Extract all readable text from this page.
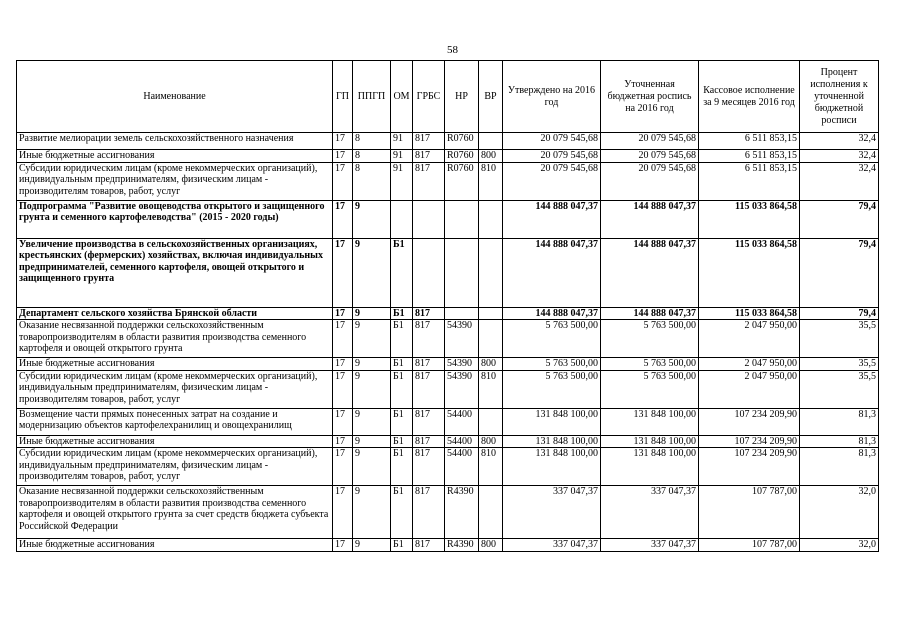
58
Наименование	ГП	ППГП	ОМ	ГРБС	НР	ВР	Утверждено на 2016 год	Уточненная бюджетная роспись на 2016 год	Кассовое исполнение за 9 месяцев 2016 год	Процент исполнения к уточненной бюджетной росписи
Развитие мелиорации земель сельскохозяйственного назначения	17	8	91	817	R0760		20 079 545,68	20 079 545,68	6 511 853,15	32,4
Иные бюджетные ассигнования	17	8	91	817	R0760	800	20 079 545,68	20 079 545,68	6 511 853,15	32,4
Субсидии юридическим лицам (кроме некоммерческих организаций), индивидуальным предпринимателям, физическим лицам - производителям товаров, работ, услуг	17	8	91	817	R0760	810	20 079 545,68	20 079 545,68	6 511 853,15	32,4
Подпрограмма "Развитие овощеводства открытого и защищенного грунта и семенного картофелеводства" (2015 - 2020 годы)	17	9					144 888 047,37	144 888 047,37	115 033 864,58	79,4
Увеличение производства в сельскохозяйственных организациях, крестьянских (фермерских) хозяйствах, включая индивидуальных предпринимателей, семенного картофеля, овощей открытого и защищенного грунта	17	9	Б1				144 888 047,37	144 888 047,37	115 033 864,58	79,4
Департамент сельского хозяйства Брянской области	17	9	Б1	817			144 888 047,37	144 888 047,37	115 033 864,58	79,4
Оказание несвязанной поддержки сельскохозяйственным товаропроизводителям в области развития производства семенного картофеля и овощей открытого грунта	17	9	Б1	817	54390		5 763 500,00	5 763 500,00	2 047 950,00	35,5
Иные бюджетные ассигнования	17	9	Б1	817	54390	800	5 763 500,00	5 763 500,00	2 047 950,00	35,5
Субсидии юридическим лицам (кроме некоммерческих организаций), индивидуальным предпринимателям, физическим лицам - производителям товаров, работ, услуг	17	9	Б1	817	54390	810	5 763 500,00	5 763 500,00	2 047 950,00	35,5
Возмещение части прямых понесенных затрат на создание и модернизацию объектов картофелехранилищ и овощехранилищ	17	9	Б1	817	54400		131 848 100,00	131 848 100,00	107 234 209,90	81,3
Иные бюджетные ассигнования	17	9	Б1	817	54400	800	131 848 100,00	131 848 100,00	107 234 209,90	81,3
Субсидии юридическим лицам (кроме некоммерческих организаций), индивидуальным предпринимателям, физическим лицам - производителям товаров, работ, услуг	17	9	Б1	817	54400	810	131 848 100,00	131 848 100,00	107 234 209,90	81,3
Оказание несвязанной поддержки сельскохозяйственным товаропроизводителям в области развития производства семенного картофеля и овощей открытого грунта за счет средств бюджета субъекта Российской Федерации	17	9	Б1	817	R4390		337 047,37	337 047,37	107 787,00	32,0
Иные бюджетные ассигнования	17	9	Б1	817	R4390	800	337 047,37	337 047,37	107 787,00	32,0
